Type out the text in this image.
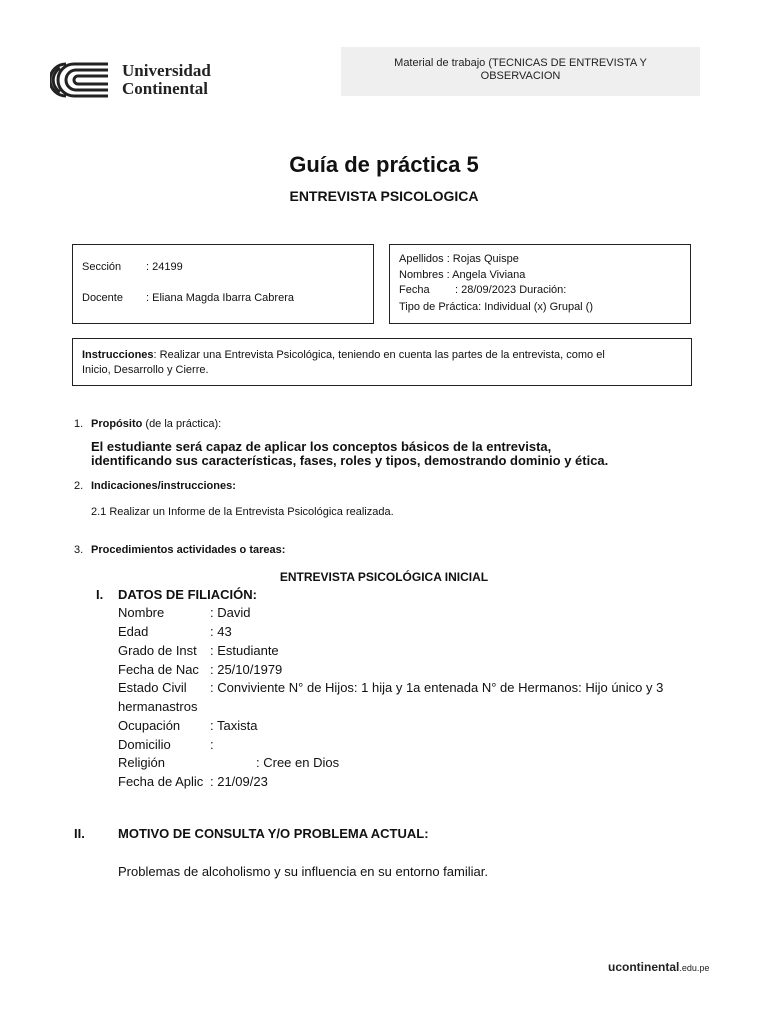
Universidad
Continental
Material de trabajo (TECNICAS DE ENTREVISTA Y
OBSERVACION
Guía de práctica 5
ENTREVISTA PSICOLOGICA
Sección : 24199
Docente : Eliana Magda Ibarra Cabrera
Apellidos : Rojas Quispe
Nombres : Angela Viviana
Fecha : 28/09/2023 Duración:
Tipo de Práctica: Individual (x) Grupal ()
Instrucciones: Realizar una Entrevista Psicológica, teniendo en cuenta las partes de la entrevista, como el
Inicio, Desarrollo y Cierre.
1. Propósito (de la práctica):
El estudiante será capaz de aplicar los conceptos básicos de la entrevista,
identificando sus características, fases, roles y tipos, demostrando dominio y ética.
2. Indicaciones/instrucciones:
2.1 Realizar un Informe de la Entrevista Psicológica realizada.
3. Procedimientos actividades o tareas:
ENTREVISTA PSICOLÓGICA INICIAL
I. DATOS DE FILIACIÓN:
Nombre	: David
Edad	: 43
Grado de Inst : Estudiante
Fecha de Nac : 25/10/1979
Estado Civil : Conviviente N° de Hijos: 1 hija y 1a entenada N° de Hermanos: Hijo único y 3
hermanastros
Ocupación : Taxista
Domicilio	:
Religión	: Cree en Dios
Fecha de Aplic : 21/09/23
II.	MOTIVO DE CONSULTA Y/O PROBLEMA ACTUAL:
Problemas de alcoholismo y su influencia en su entorno familiar.
ucontinental.edu.pe
